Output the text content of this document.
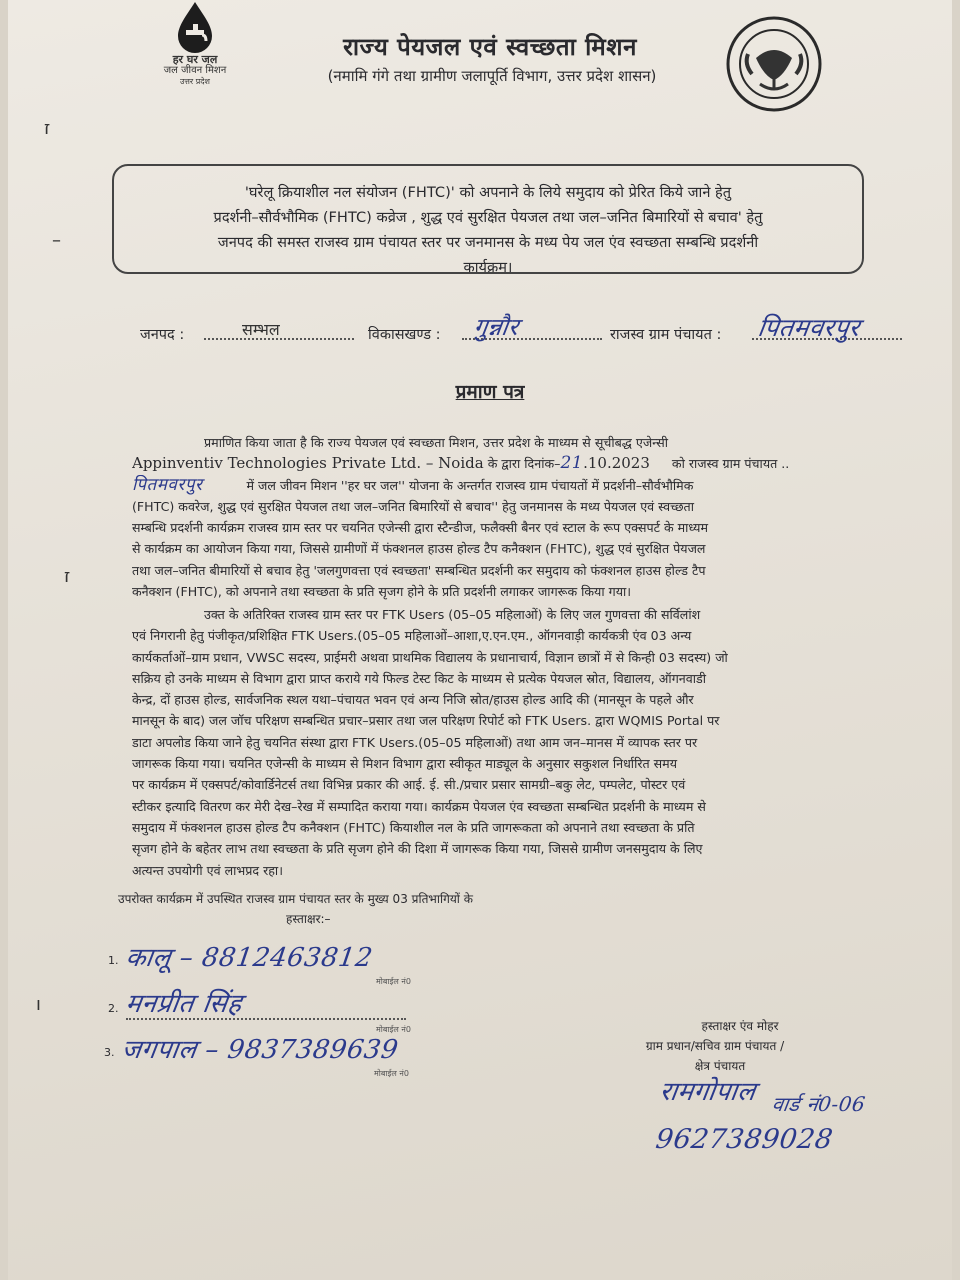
हर घर जल
जल जीवन मिशन
उत्तर प्रदेश
राज्य पेयजल एवं स्वच्छता मिशन
(नमामि गंगे तथा ग्रामीण जलापूर्ति विभाग, उत्तर प्रदेश शासन)
ז
–
ז
ו
'घरेलू क्रियाशील नल संयोजन (FHTC)' को अपनाने के लिये समुदाय को प्रेरित किये जाने हेतु
प्रदर्शनी–सौर्वभौमिक (FHTC) कव्रेज , शुद्ध एवं सुरक्षित पेयजल तथा जल–जनित बिमारियों से बचाव' हेतु
जनपद की समस्त राजस्व ग्राम पंचायत स्तर पर जनमानस के मध्य पेय जल एंव स्वच्छता सम्बन्धि प्रदर्शनी
कार्यक्रम।
जनपद :	सम्भल	विकासखण्ड : गुन्नौर	राजस्व ग्राम पंचायत : पितमवरपुर
प्रमाण पत्र
प्रमाणित किया जाता है कि राज्य पेयजल एवं स्वच्छता मिशन, उत्तर प्रदेश के माध्यम से सूचीबद्ध एजेन्सी
Appinventiv Technologies Private Ltd. – Noida के द्वारा दिनांक–21.10.2023 को राजस्व ग्राम पंचायत ..
पितमवरपुर	में जल जीवन मिशन ''हर घर जल'' योजना के अन्तर्गत राजस्व ग्राम पंचायतों में प्रदर्शनी–सौर्वभौमिक
(FHTC) कवरेज, शुद्ध एवं सुरक्षित पेयजल तथा जल–जनित बिमारियों से बचाव'' हेतु जनमानस के मध्य पेयजल एवं स्वच्छता
सम्बन्धि प्रदर्शनी कार्यक्रम राजस्व ग्राम स्तर पर चयनित एजेन्सी द्वारा स्टैन्डीज, फलैक्सी बैनर एवं स्टाल के रूप एक्सपर्ट के माध्यम
से कार्यक्रम का आयोजन किया गया, जिससे ग्रामीणों में फंक्शनल हाउस होल्ड टैप कनैक्शन (FHTC), शुद्ध एवं सुरक्षित पेयजल
तथा जल–जनित बीमारियों से बचाव हेतु 'जलगुणवत्ता एवं स्वच्छता' सम्बन्धित प्रदर्शनी कर समुदाय को फंक्शनल हाउस होल्ड टैप
कनैक्शन (FHTC), को अपनाने तथा स्वच्छता के प्रति सृजग होने के प्रति प्रदर्शनी लगाकर जागरूक किया गया।
उक्त के अतिरिक्त राजस्व ग्राम स्तर पर FTK Users (05–05 महिलाओं) के लिए जल गुणवत्ता की सर्विलांश
एवं निगरानी हेतु पंजीकृत/प्रशिक्षित FTK Users.(05–05 महिलाओं–आशा,ए.एन.एम., ऑगनवाड़ी कार्यकत्री एंव 03 अन्य
कार्यकर्ताओं–ग्राम प्रधान, VWSC सदस्य, प्राईमरी अथवा प्राथमिक विद्यालय के प्रधानाचार्य, विज्ञान छात्रों में से किन्ही 03 सदस्य) जो
सक्रिय हो उनके माध्यम से विभाग द्वारा प्राप्त कराये गये फिल्ड टेस्ट किट के माध्यम से प्रत्येक पेयजल स्रोत, विद्यालय, ऑगनवाडी
केन्द्र, दों हाउस होल्ड, सार्वजनिक स्थल यथा–पंचायत भवन एवं अन्य निजि स्रोत/हाउस होल्ड आदि की (मानसून के पहले और
मानसून के बाद) जल जॉच परिक्षण सम्बन्धित प्रचार–प्रसार तथा जल परिक्षण रिपोर्ट को FTK Users. द्वारा WQMIS Portal पर
डाटा अपलोड किया जाने हेतु चयनित संस्था द्वारा FTK Users.(05–05 महिलाओं) तथा आम जन–मानस में व्यापक स्तर पर
जागरूक किया गया। चयनित एजेन्सी के माध्यम से मिशन विभाग द्वारा स्वीकृत माड्यूल के अनुसार सकुशल निर्धारित समय
पर कार्यक्रम में एक्सपर्ट/कोवार्डिनेटर्स तथा विभिन्न प्रकार की आई. ई. सी./प्रचार प्रसार सामग्री–बकु लेट, पम्पलेट, पोस्टर एवं
स्टीकर इत्यादि वितरण कर मेरी देख–रेख में सम्पादित कराया गया। कार्यक्रम पेयजल एंव स्वच्छता सम्बन्धित प्रदर्शनी के माध्यम से
समुदाय में फंक्शनल हाउस होल्ड टैप कनैक्शन (FHTC) कियाशील नल के प्रति जागरूकता को अपनाने तथा स्वच्छता के प्रति
सृजग होने के बहेतर लाभ तथा स्वच्छता के प्रति सृजग होने की दिशा में जागरूक किया गया, जिससे ग्रामीण जनसमुदाय के लिए
अत्यन्त उपयोगी एवं लाभप्रद रहा।
उपरोक्त कार्यक्रम में उपस्थित राजस्व ग्राम पंचायत स्तर के मुख्य 03 प्रतिभागियों के
हस्ताक्षर:–
1. कालू – 8812463812
मोबाईल नं0
2. मनप्रीत सिंह
मोबाईल नं0
3. जगपाल – 9837389639
मोबाईल नं0
हस्ताक्षर एंव मोहर
ग्राम प्रधान/सचिव ग्राम पंचायत /
क्षेत्र पंचायत
रामगोपाल वार्ड नं0-06
9627389028
